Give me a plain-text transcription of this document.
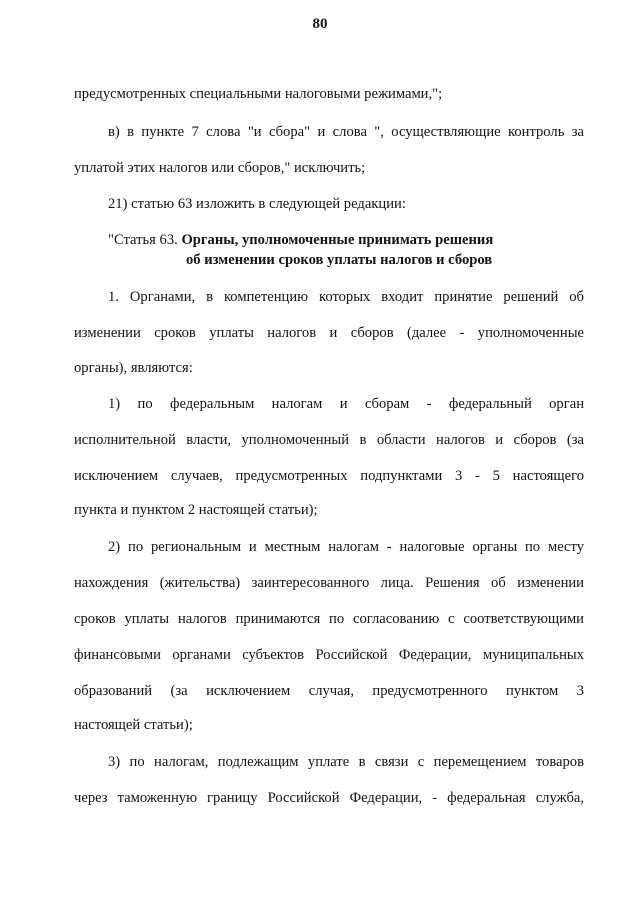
80
предусмотренных специальными налоговыми режимами,";
в) в пункте 7 слова "и сбора" и слова ", осуществляющие контроль за
уплатой этих налогов или сборов," исключить;
21) статью 63 изложить в следующей редакции:
"Статья 63. Органы, уполномоченные принимать решения
об изменении сроков уплаты налогов и сборов
1. Органами, в компетенцию которых входит принятие решений об
изменении сроков уплаты налогов и сборов (далее - уполномоченные
органы), являются:
1) по федеральным налогам и сборам - федеральный орган
исполнительной власти, уполномоченный в области налогов и сборов (за
исключением случаев, предусмотренных подпунктами 3 - 5 настоящего
пункта и пунктом 2 настоящей статьи);
2) по региональным и местным налогам - налоговые органы по месту
нахождения (жительства) заинтересованного лица. Решения об изменении
сроков уплаты налогов принимаются по согласованию с соответствующими
финансовыми органами субъектов Российской Федерации, муниципальных
образований (за исключением случая, предусмотренного пунктом 3
настоящей статьи);
3) по налогам, подлежащим уплате в связи с перемещением товаров
через таможенную границу Российской Федерации, - федеральная служба,
